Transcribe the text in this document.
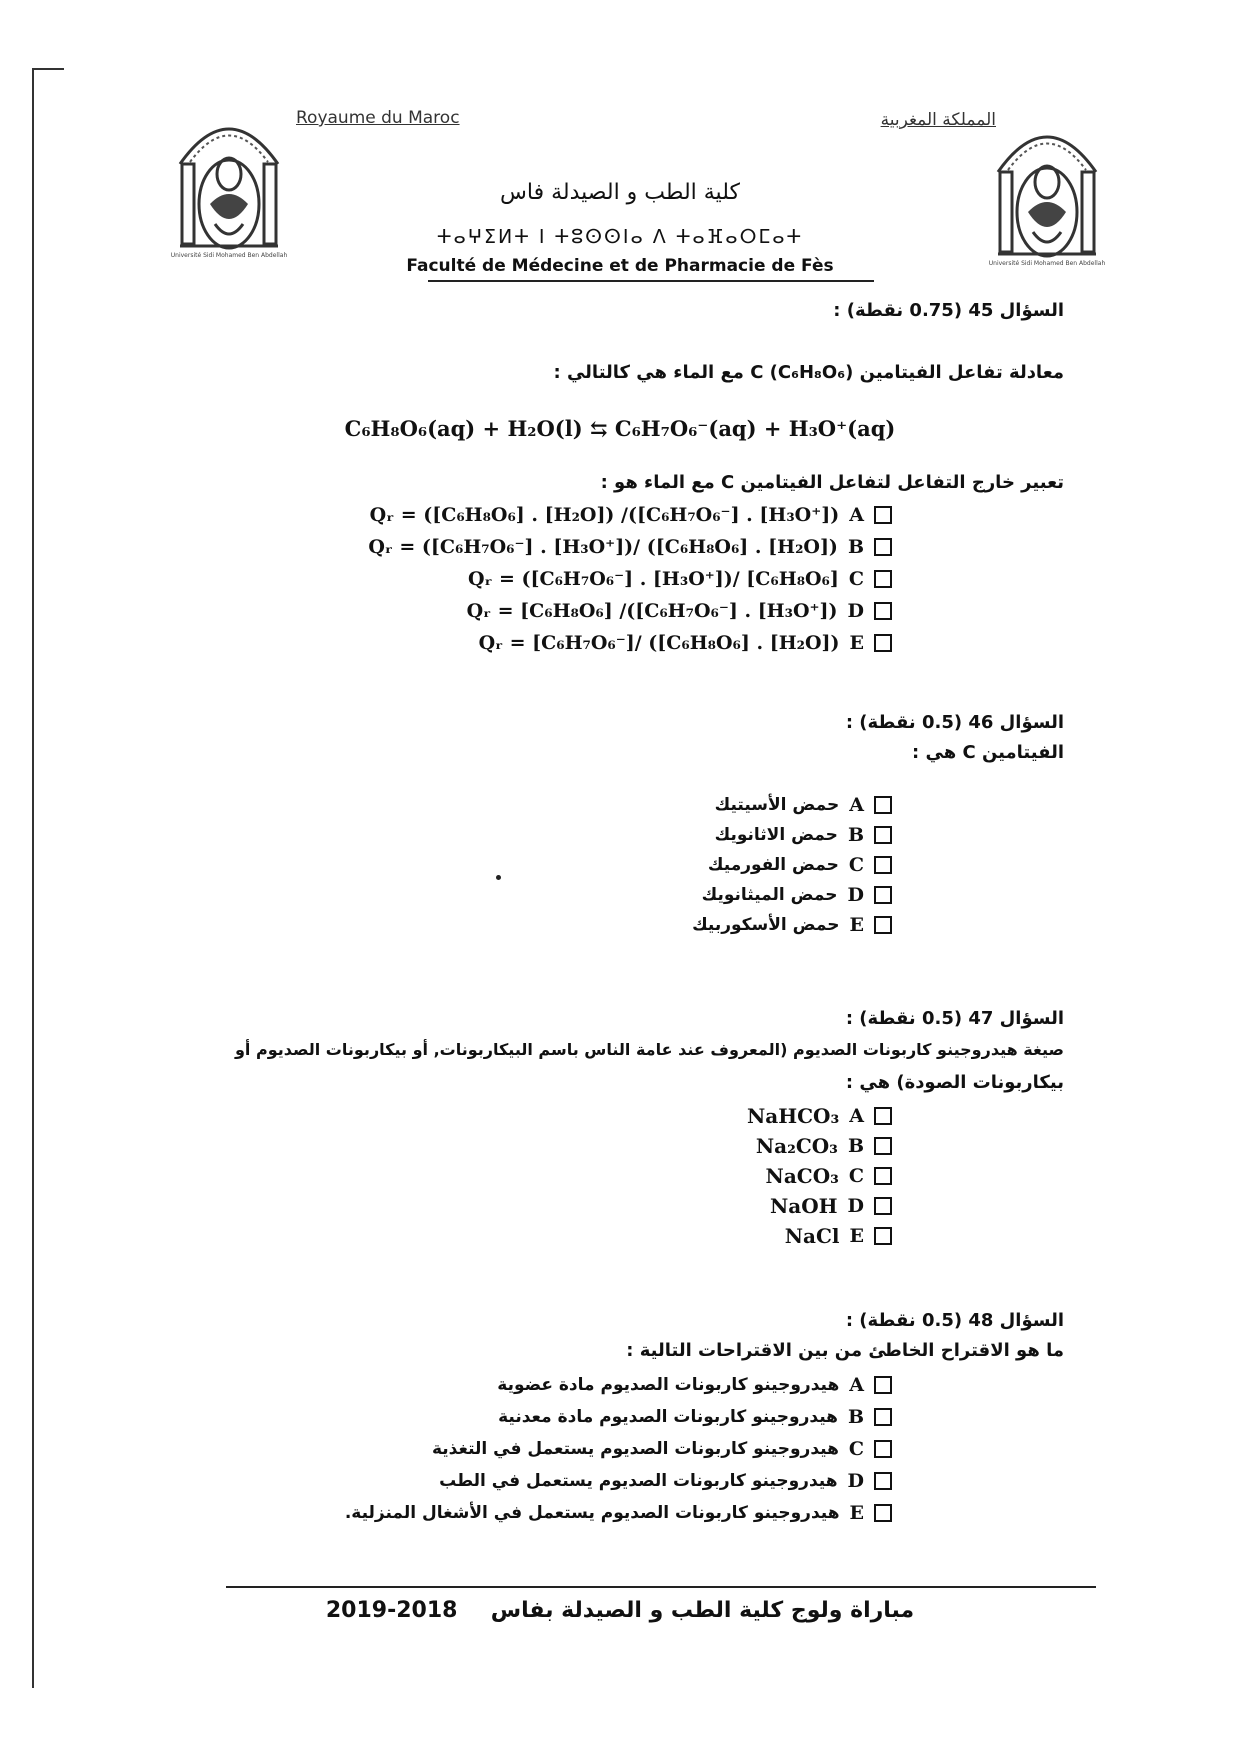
Université Sidi Mohamed Ben Abdellah
Université Sidi Mohamed Ben Abdellah
Royaume du Maroc	المملكة المغربية
كلية الطب و الصيدلة فاس
ⵜⴰⵖⵉⵍⵜ ⵏ ⵜⵓⵙⵙⵏⴰ ⴷ ⵜⴰⴼⴰⵔⵎⴰⵜ
Faculté de Médecine et de Pharmacie de Fès
السؤال 45 (0.75 نقطة) :
معادلة تفاعل الفيتامين C (C₆H₈O₆) مع الماء هي كالتالي :
C₆H₈O₆(aq) + H₂O(l) ⇆ C₆H₇O₆⁻(aq) + H₃O⁺(aq)
تعبير خارج التفاعل لتفاعل الفيتامين C مع الماء هو :
Qᵣ = ([C₆H₈O₆] . [H₂O]) /([C₆H₇O₆⁻] . [H₃O⁺]) A
Qᵣ = ([C₆H₇O₆⁻] . [H₃O⁺])/ ([C₆H₈O₆] . [H₂O]) B
Qᵣ = ([C₆H₇O₆⁻] . [H₃O⁺])/ [C₆H₈O₆] C
Qᵣ = [C₆H₈O₆] /([C₆H₇O₆⁻] . [H₃O⁺]) D
Qᵣ = [C₆H₇O₆⁻]/ ([C₆H₈O₆] . [H₂O]) E
السؤال 46 (0.5 نقطة) :
الفيتامين C هي :
حمض الأسيتيك A
حمض الاثانويك B
حمض الفورميك C
حمض الميثانويك D
حمض الأسكوربيك E
السؤال 47 (0.5 نقطة) :
صيغة هيدروجينو كاربونات الصديوم (المعروف عند عامة الناس باسم البيكاربونات, أو بيكاربونات الصديوم أو
بيكاربونات الصودة) هي :
NaHCO₃ A
Na₂CO₃ B
NaCO₃ C
NaOH D
NaCl E
السؤال 48 (0.5 نقطة) :
ما هو الاقتراح الخاطئ من بين الاقتراحات التالية :
هيدروجينو كاربونات الصديوم مادة عضوية A
هيدروجينو كاربونات الصديوم مادة معدنية B
هيدروجينو كاربونات الصديوم يستعمل في التغذية C
هيدروجينو كاربونات الصديوم يستعمل في الطب D
هيدروجينو كاربونات الصديوم يستعمل في الأشغال المنزلية. E
2019-2018 مباراة ولوج كلية الطب و الصيدلة بفاس
